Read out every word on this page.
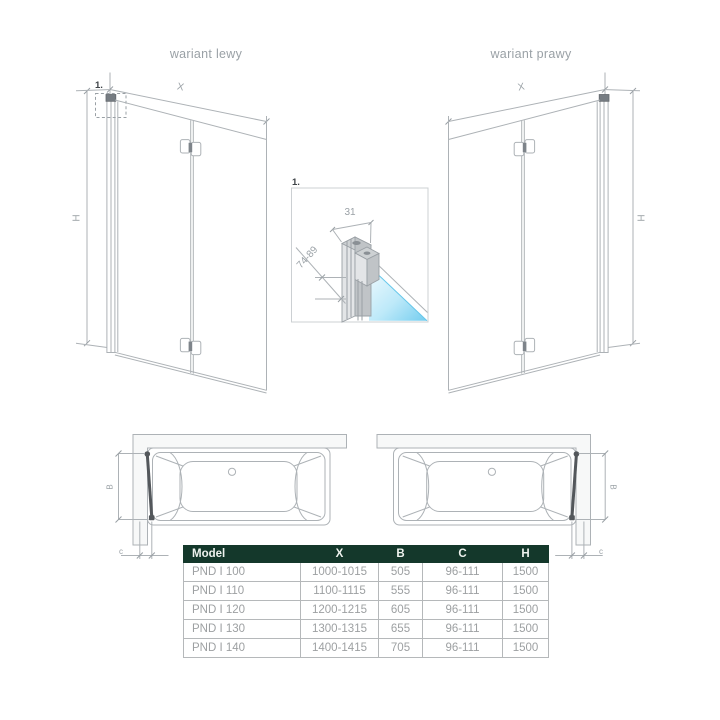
wariant lewy	wariant prawy
1.	X
H
X
H
1.
31
74-89
B
c
B
c
Model	X	B	C	H
PND I 100	1000-1015	505	96-111	1500
PND I 110	1100-1115	555	96-111	1500
PND I 120	1200-1215	605	96-111	1500
PND I 130	1300-1315	655	96-111	1500
PND I 140	1400-1415	705	96-111	1500
